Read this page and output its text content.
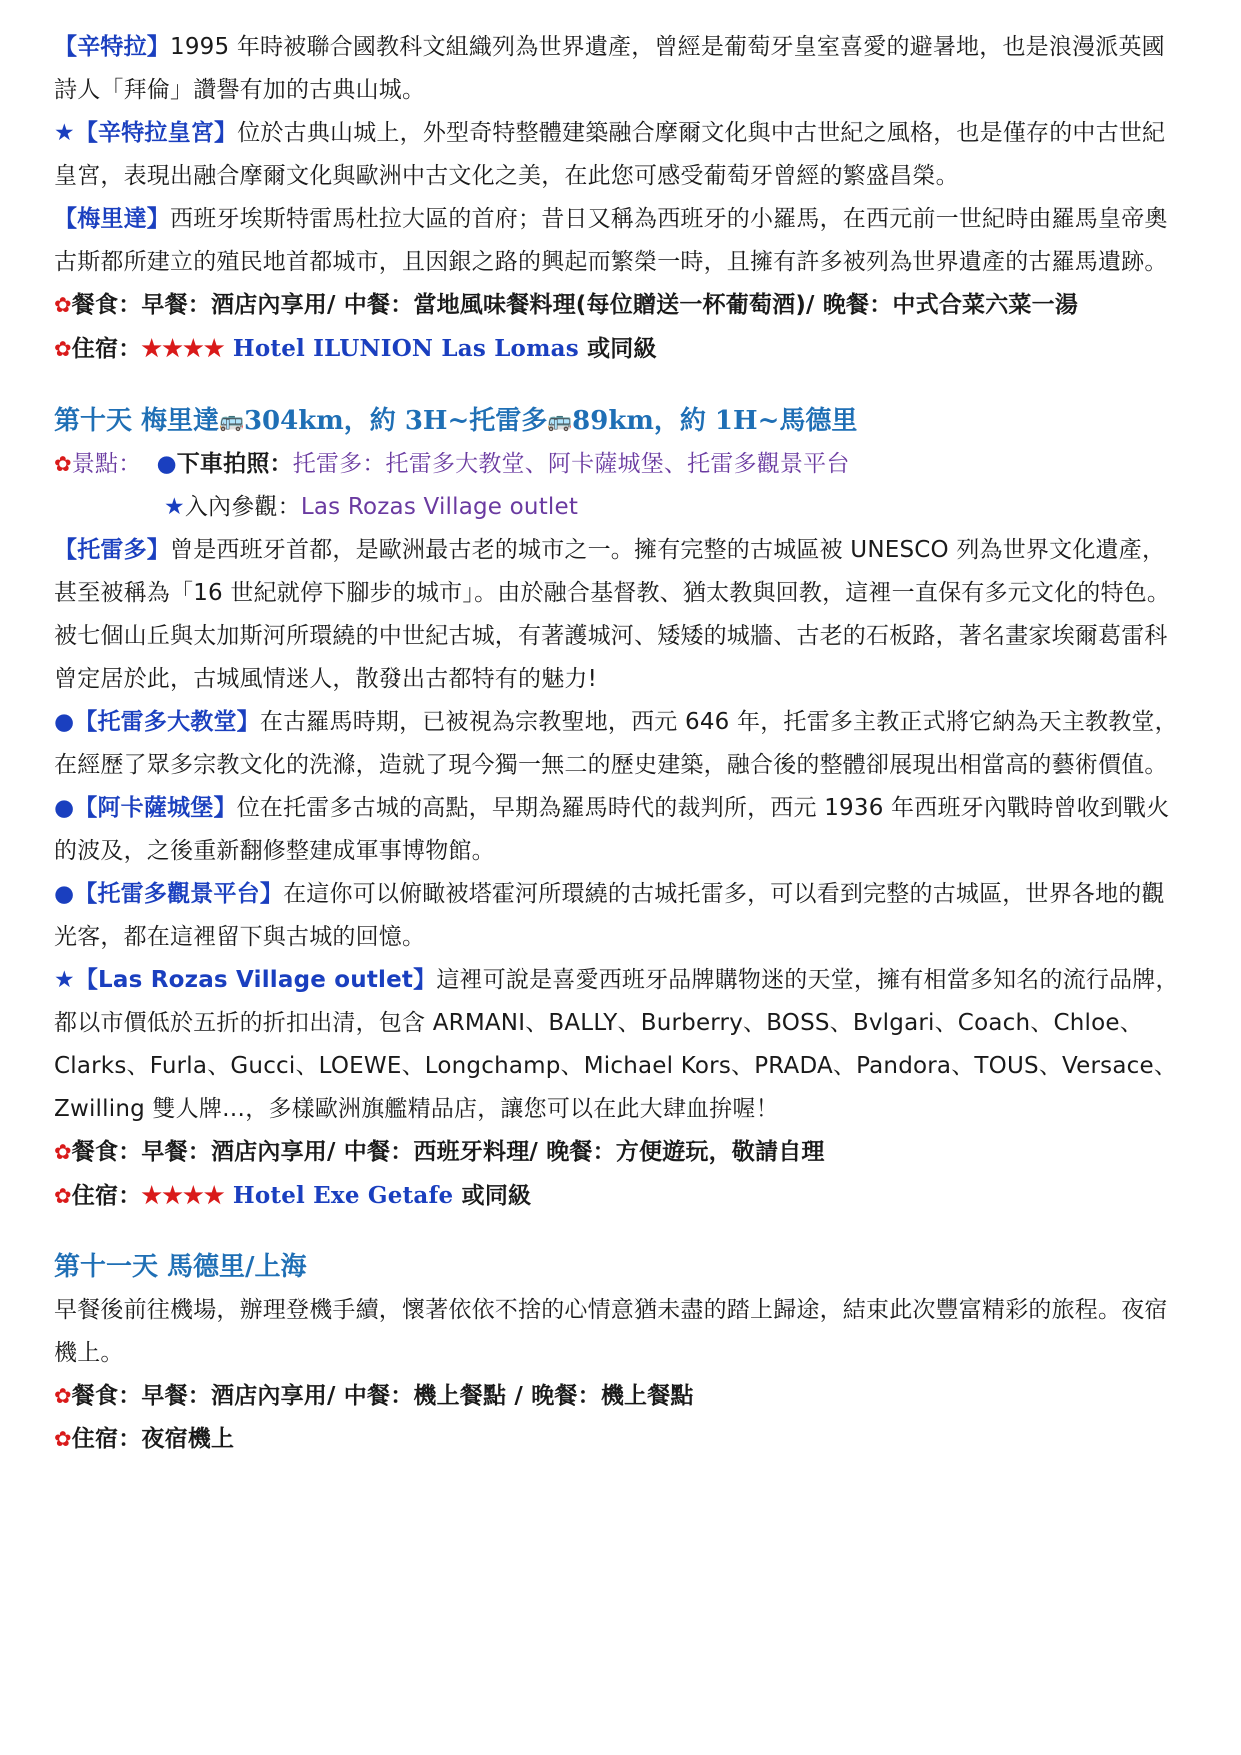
【辛特拉】1995 年時被聯合國教科文組織列為世界遺產，曾經是葡萄牙皇室喜愛的避暑地，也是浪漫派英國詩人「拜倫」讚譽有加的古典山城。

★【辛特拉皇宮】位於古典山城上，外型奇特整體建築融合摩爾文化與中古世紀之風格，也是僅存的中古世紀皇宮，表現出融合摩爾文化與歐洲中古文化之美，在此您可感受葡萄牙曾經的繁盛昌榮。

【梅里達】西班牙埃斯特雷馬杜拉大區的首府；昔日又稱為西班牙的小羅馬，在西元前一世紀時由羅馬皇帝奧古斯都所建立的殖民地首都城市，且因銀之路的興起而繁榮一時，且擁有許多被列為世界遺產的古羅馬遺跡。

✿餐食：早餐：酒店內享用/ 中餐：當地風味餐料理(每位贈送一杯葡萄酒)/ 晚餐：中式合菜六菜一湯

✿住宿：★★★★ Hotel ILUNION Las Lomas 或同級

第十天 梅里達🚌304km，約 3H~托雷多🚌89km，約 1H~馬德里

✿景點： ●下車拍照：托雷多：托雷多大教堂、阿卡薩城堡、托雷多觀景平台

★入內參觀：Las Rozas Village outlet

【托雷多】曾是西班牙首都，是歐洲最古老的城市之一。擁有完整的古城區被 UNESCO 列為世界文化遺產，甚至被稱為「16 世紀就停下腳步的城市」。由於融合基督教、猶太教與回教，這裡一直保有多元文化的特色。被七個山丘與太加斯河所環繞的中世紀古城，有著護城河、矮矮的城牆、古老的石板路，著名畫家埃爾葛雷科曾定居於此，古城風情迷人，散發出古都特有的魅力!

●【托雷多大教堂】在古羅馬時期，已被視為宗教聖地，西元 646 年，托雷多主教正式將它納為天主教教堂，在經歷了眾多宗教文化的洗滌，造就了現今獨一無二的歷史建築，融合後的整體卻展現出相當高的藝術價值。

●【阿卡薩城堡】位在托雷多古城的高點，早期為羅馬時代的裁判所，西元 1936 年西班牙內戰時曾收到戰火的波及，之後重新翻修整建成軍事博物館。

●【托雷多觀景平台】在這你可以俯瞰被塔霍河所環繞的古城托雷多，可以看到完整的古城區，世界各地的觀光客，都在這裡留下與古城的回憶。

★【Las Rozas Village outlet】這裡可說是喜愛西班牙品牌購物迷的天堂，擁有相當多知名的流行品牌，都以市價低於五折的折扣出清，包含 ARMANI、BALLY、Burberry、BOSS、Bvlgari、Coach、Chloe、Clarks、Furla、Gucci、LOEWE、Longchamp、Michael Kors、PRADA、Pandora、TOUS、Versace、Zwilling 雙人牌…，多樣歐洲旗艦精品店，讓您可以在此大肆血拚喔！

✿餐食：早餐：酒店內享用/ 中餐：西班牙料理/ 晚餐：方便遊玩，敬請自理

✿住宿：★★★★ Hotel Exe Getafe 或同級

第十一天 馬德里/上海

早餐後前往機場，辦理登機手續，懷著依依不捨的心情意猶未盡的踏上歸途，結束此次豐富精彩的旅程。夜宿機上。

✿餐食：早餐：酒店內享用/ 中餐：機上餐點 / 晚餐：機上餐點

✿住宿：夜宿機上
